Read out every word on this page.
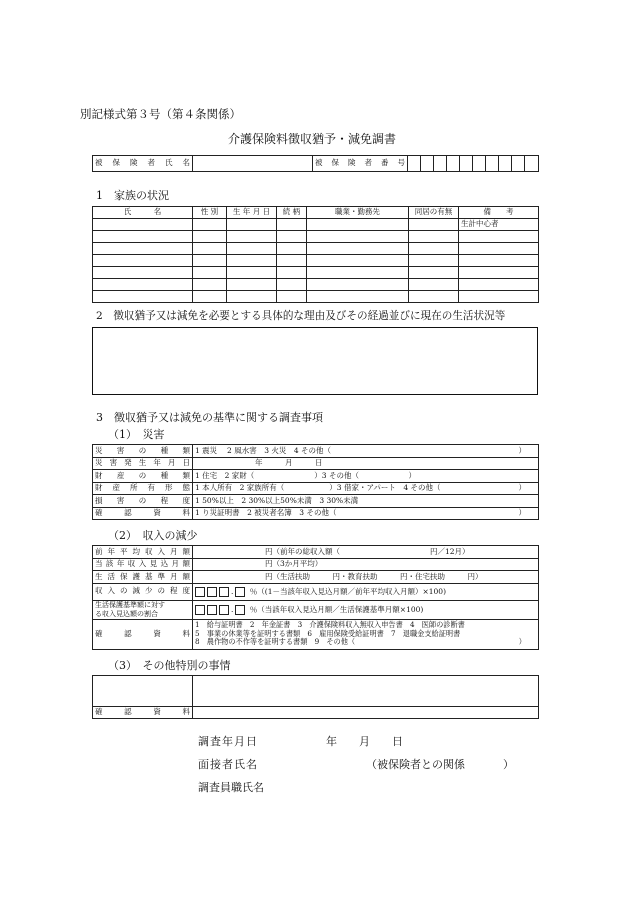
別記様式第３号（第４条関係）
介護保険料徴収猶予・減免調書
被保険者氏名		被保険者番号										
1　家族の状況
氏　　　名	性 別	生 年 月 日	続 柄	職業・勤務先	同居の有無	備　　考
						生計中心者

2　徴収猶予又は減免を必要とする具体的な理由及びその経過並びに現在の生活状況等
3　徴収猶予又は減免の基準に関する調査事項
（1）　災害
災害の種類	1 震災　 2 風水害　3 火災　4 その他（ ）

災害発生年月日	年　　　月　　　日
財産の種類	1 住宅　2 家財（　　　　　　　　）3 その他（ ）

財産所有形態	1 本人所有　2 家族所有（　　　　　　）3 借家・アパート　4 その他（ ）

損害の程度	1 50%以上　2 30%以上50%未満　3 30%未満
確認資料	1 り災証明書　2 被災者名簿　3 その他（ ）
（2）　収入の減少
前年平均収入月額	円（前年の総収入額（　　　　　　　　　　　　円／12月）
当該年収入見込月額	円（3か月平均）
生活保護基準月額	円（生活扶助　　　円・教育扶助　　　円・住宅扶助　　　円）
収入の減少の程度	. ％（(1－当該年収入見込月額／前年平均収入月額）×100)

生活保護基準額に対す
る収入見込額の割合	. ％（当該年収入見込月額／生活保護基準月額×100)
確認資料	1　給与証明書　2　年金証書　3　介護保険料収入無収入申告書　4　医師の診断書
5　事業の休業等を証明する書類　6　雇用保険受給証明書　7　退職金支給証明書
8　農作物の不作等を証明する書類　9　その他（ ）
（3）　その他特別の事情

確認資料	
調査年月日	年　　月　　日
面接者氏名	（被保険者との関係	）
調査員職氏名
